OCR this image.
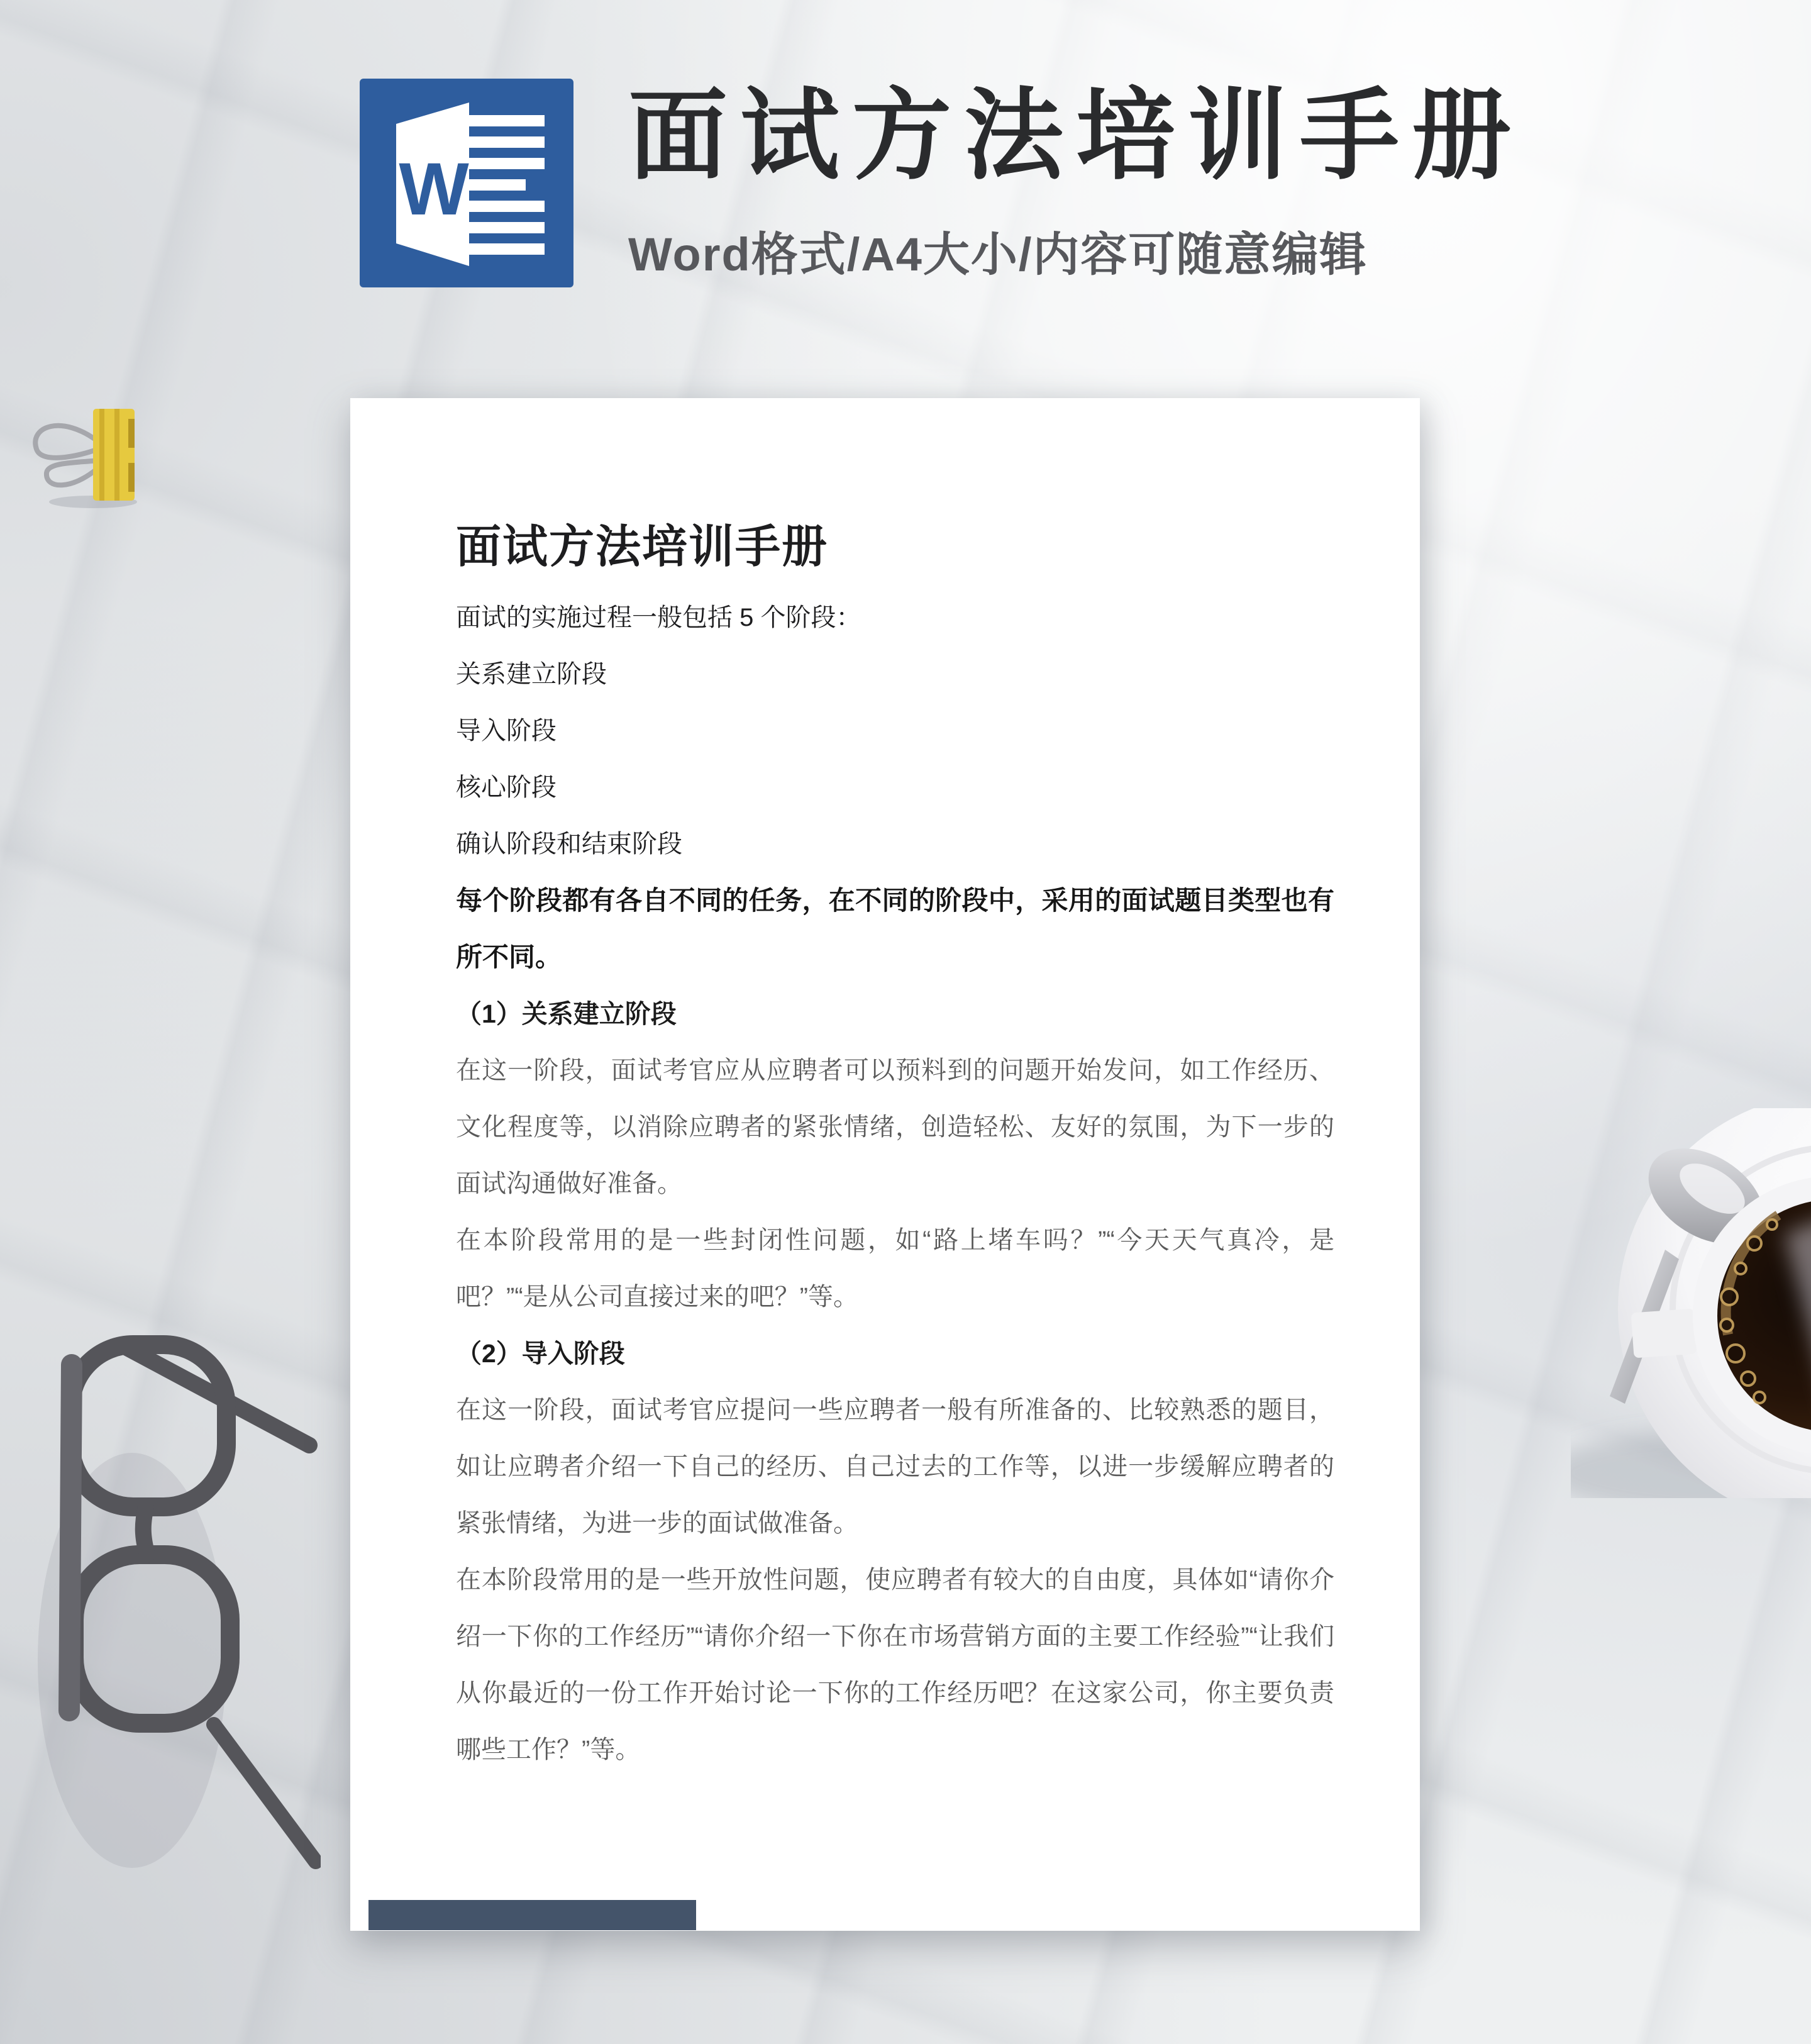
W 面试方法培训手册
Word格式/A4大小/内容可随意编辑
面试方法培训手册

面试的实施过程一般包括 5 个阶段：

关系建立阶段

导入阶段

核心阶段

确认阶段和结束阶段

每个阶段都有各自不同的任务，在不同的阶段中，采用的面试题目类型也有所不同。

（1）关系建立阶段

在这一阶段，面试考官应从应聘者可以预料到的问题开始发问，如工作经历、文化程度等，以消除应聘者的紧张情绪，创造轻松、友好的氛围，为下一步的面试沟通做好准备。

在本阶段常用的是一些封闭性问题，如“路上堵车吗？”“今天天气真冷，是吧？”“是从公司直接过来的吧？”等。

（2）导入阶段

在这一阶段，面试考官应提问一些应聘者一般有所准备的、比较熟悉的题目，如让应聘者介绍一下自己的经历、自己过去的工作等，以进一步缓解应聘者的紧张情绪，为进一步的面试做准备。

在本阶段常用的是一些开放性问题，使应聘者有较大的自由度，具体如“请你介绍一下你的工作经历”“请你介绍一下你在市场营销方面的主要工作经验”“让我们从你最近的一份工作开始讨论一下你的工作经历吧？在这家公司，你主要负责哪些工作？”等。
